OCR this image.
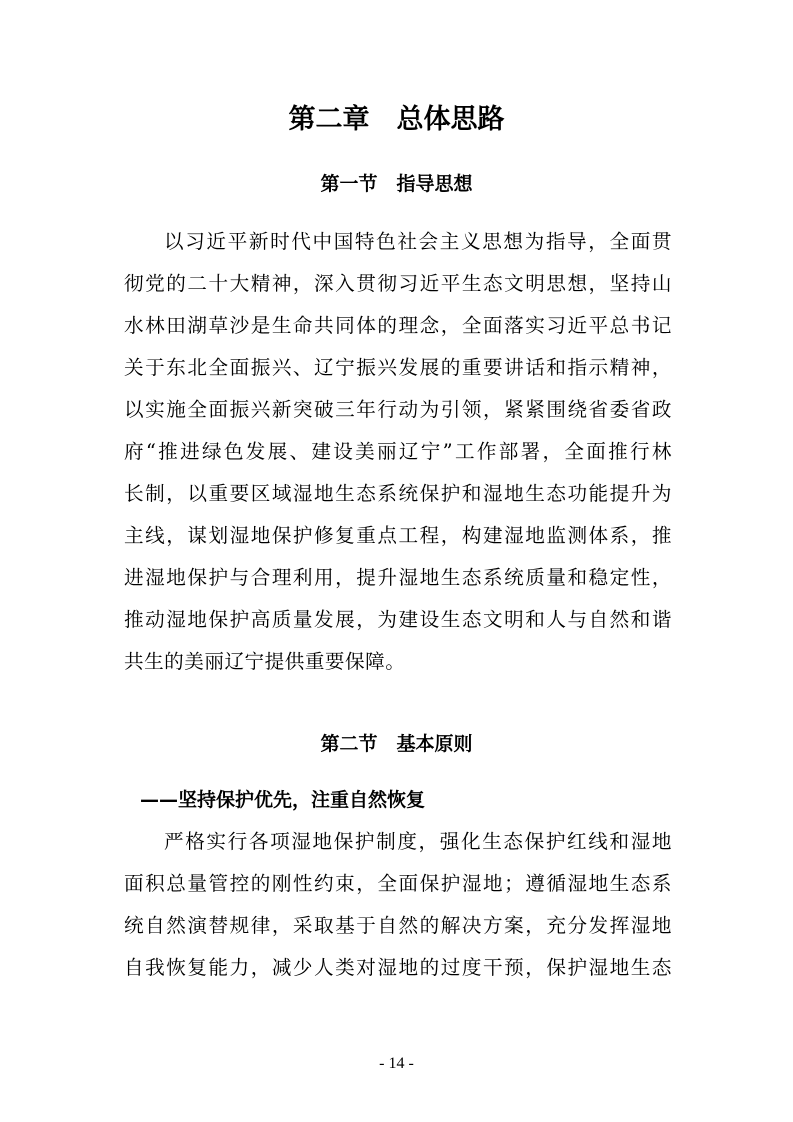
第二章　总体思路
第一节　指导思想
以习近平新时代中国特色社会主义思想为指导，全面贯
彻党的二十大精神，深入贯彻习近平生态文明思想，坚持山
水林田湖草沙是生命共同体的理念，全面落实习近平总书记
关于东北全面振兴、辽宁振兴发展的重要讲话和指示精神，
以实施全面振兴新突破三年行动为引领，紧紧围绕省委省政
府“推进绿色发展、建设美丽辽宁”工作部署，全面推行林
长制，以重要区域湿地生态系统保护和湿地生态功能提升为
主线，谋划湿地保护修复重点工程，构建湿地监测体系，推
进湿地保护与合理利用，提升湿地生态系统质量和稳定性，
推动湿地保护高质量发展，为建设生态文明和人与自然和谐
共生的美丽辽宁提供重要保障。
第二节　基本原则
——坚持保护优先，注重自然恢复
严格实行各项湿地保护制度，强化生态保护红线和湿地
面积总量管控的刚性约束，全面保护湿地；遵循湿地生态系
统自然演替规律，采取基于自然的解决方案，充分发挥湿地
自我恢复能力，减少人类对湿地的过度干预，保护湿地生态
- 14 -
